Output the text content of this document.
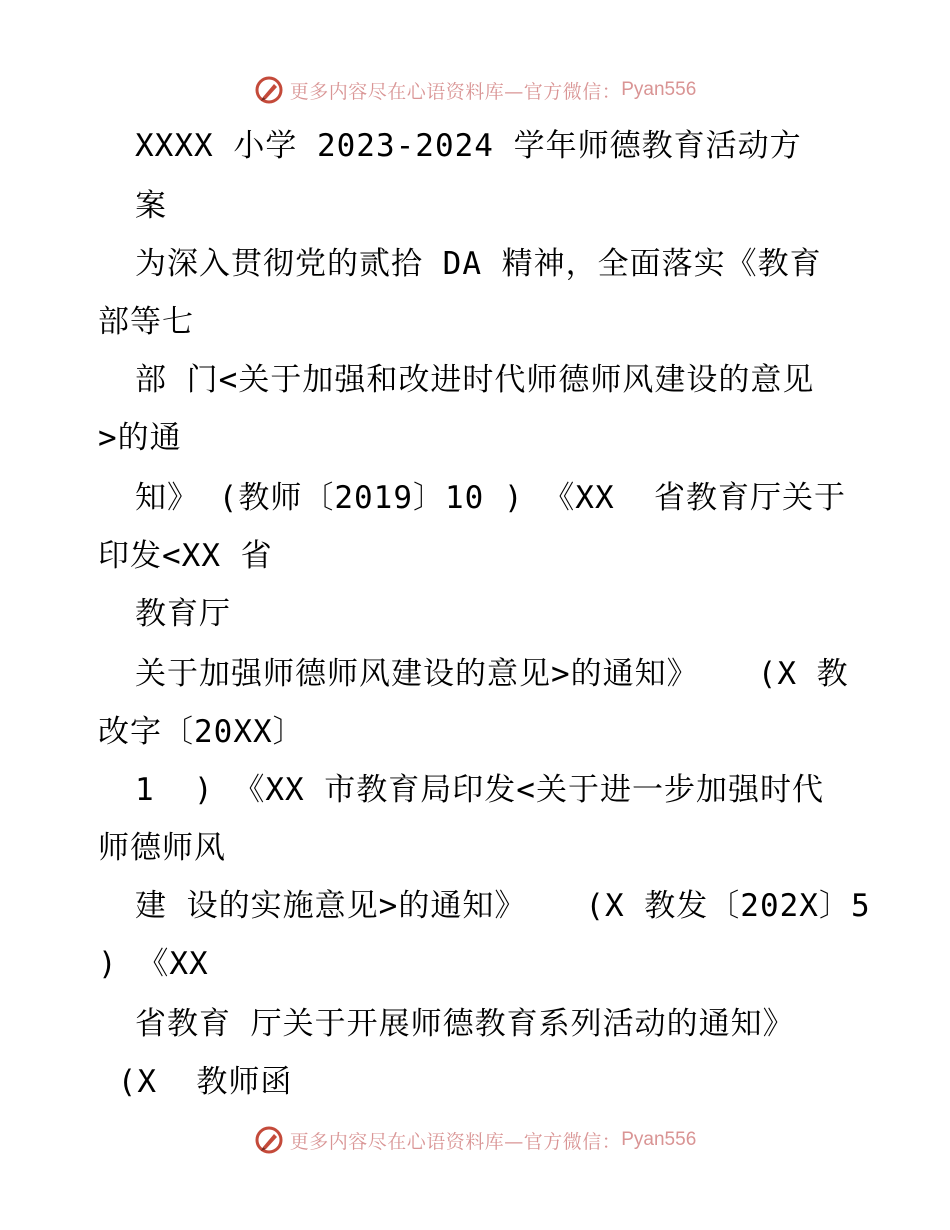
更多内容尽在心语资料库—官方微信： Pyan556
XXXX 小学 2023-2024 学年师德教育活动方
案
为深入贯彻党的贰拾 DA 精神，全面落实《教育
部等七
部 门<关于加强和改进时代师德师风建设的意见
>的通
知》 (教师〔2019〕10 ) 《XX  省教育厅关于
印发<XX 省
教育厅
关于加强师德师风建设的意见>的通知》   (X 教
改字〔20XX〕
1  ) 《XX 市教育局印发<关于进一步加强时代
师德师风
建 设的实施意见>的通知》   (X 教发〔202X〕5
) 《XX
省教育 厅关于开展师德教育系列活动的通知》
(X  教师函
更多内容尽在心语资料库—官方微信： Pyan556
